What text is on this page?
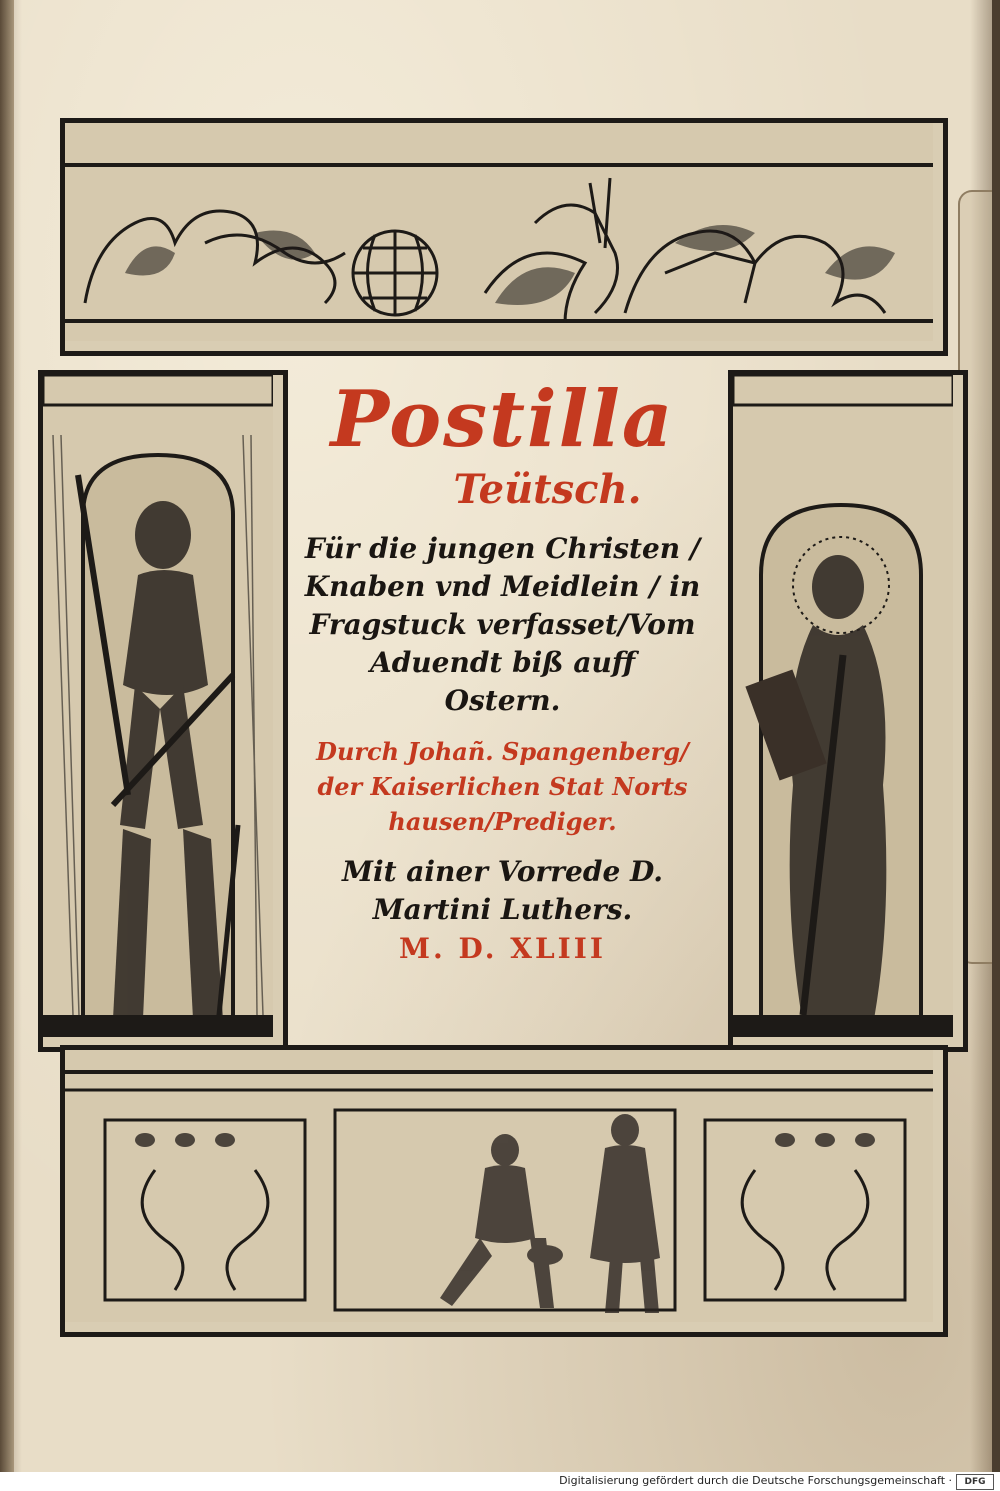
Postilla
Teütsch.
Für die jungen Christen /
Knaben vnd Meidlein / in
Fragstuck verfasset/Vom
Aduendt biß auff
Ostern.
Durch Johañ. Spangenberg/
der Kaiserlichen Stat Norts
hausen/Prediger.
Mit ainer Vorrede D.
Martini Luthers.
M. D. XLIII
Digitalisierung gefördert durch die Deutsche Forschungsgemeinschaft ·	DFG
